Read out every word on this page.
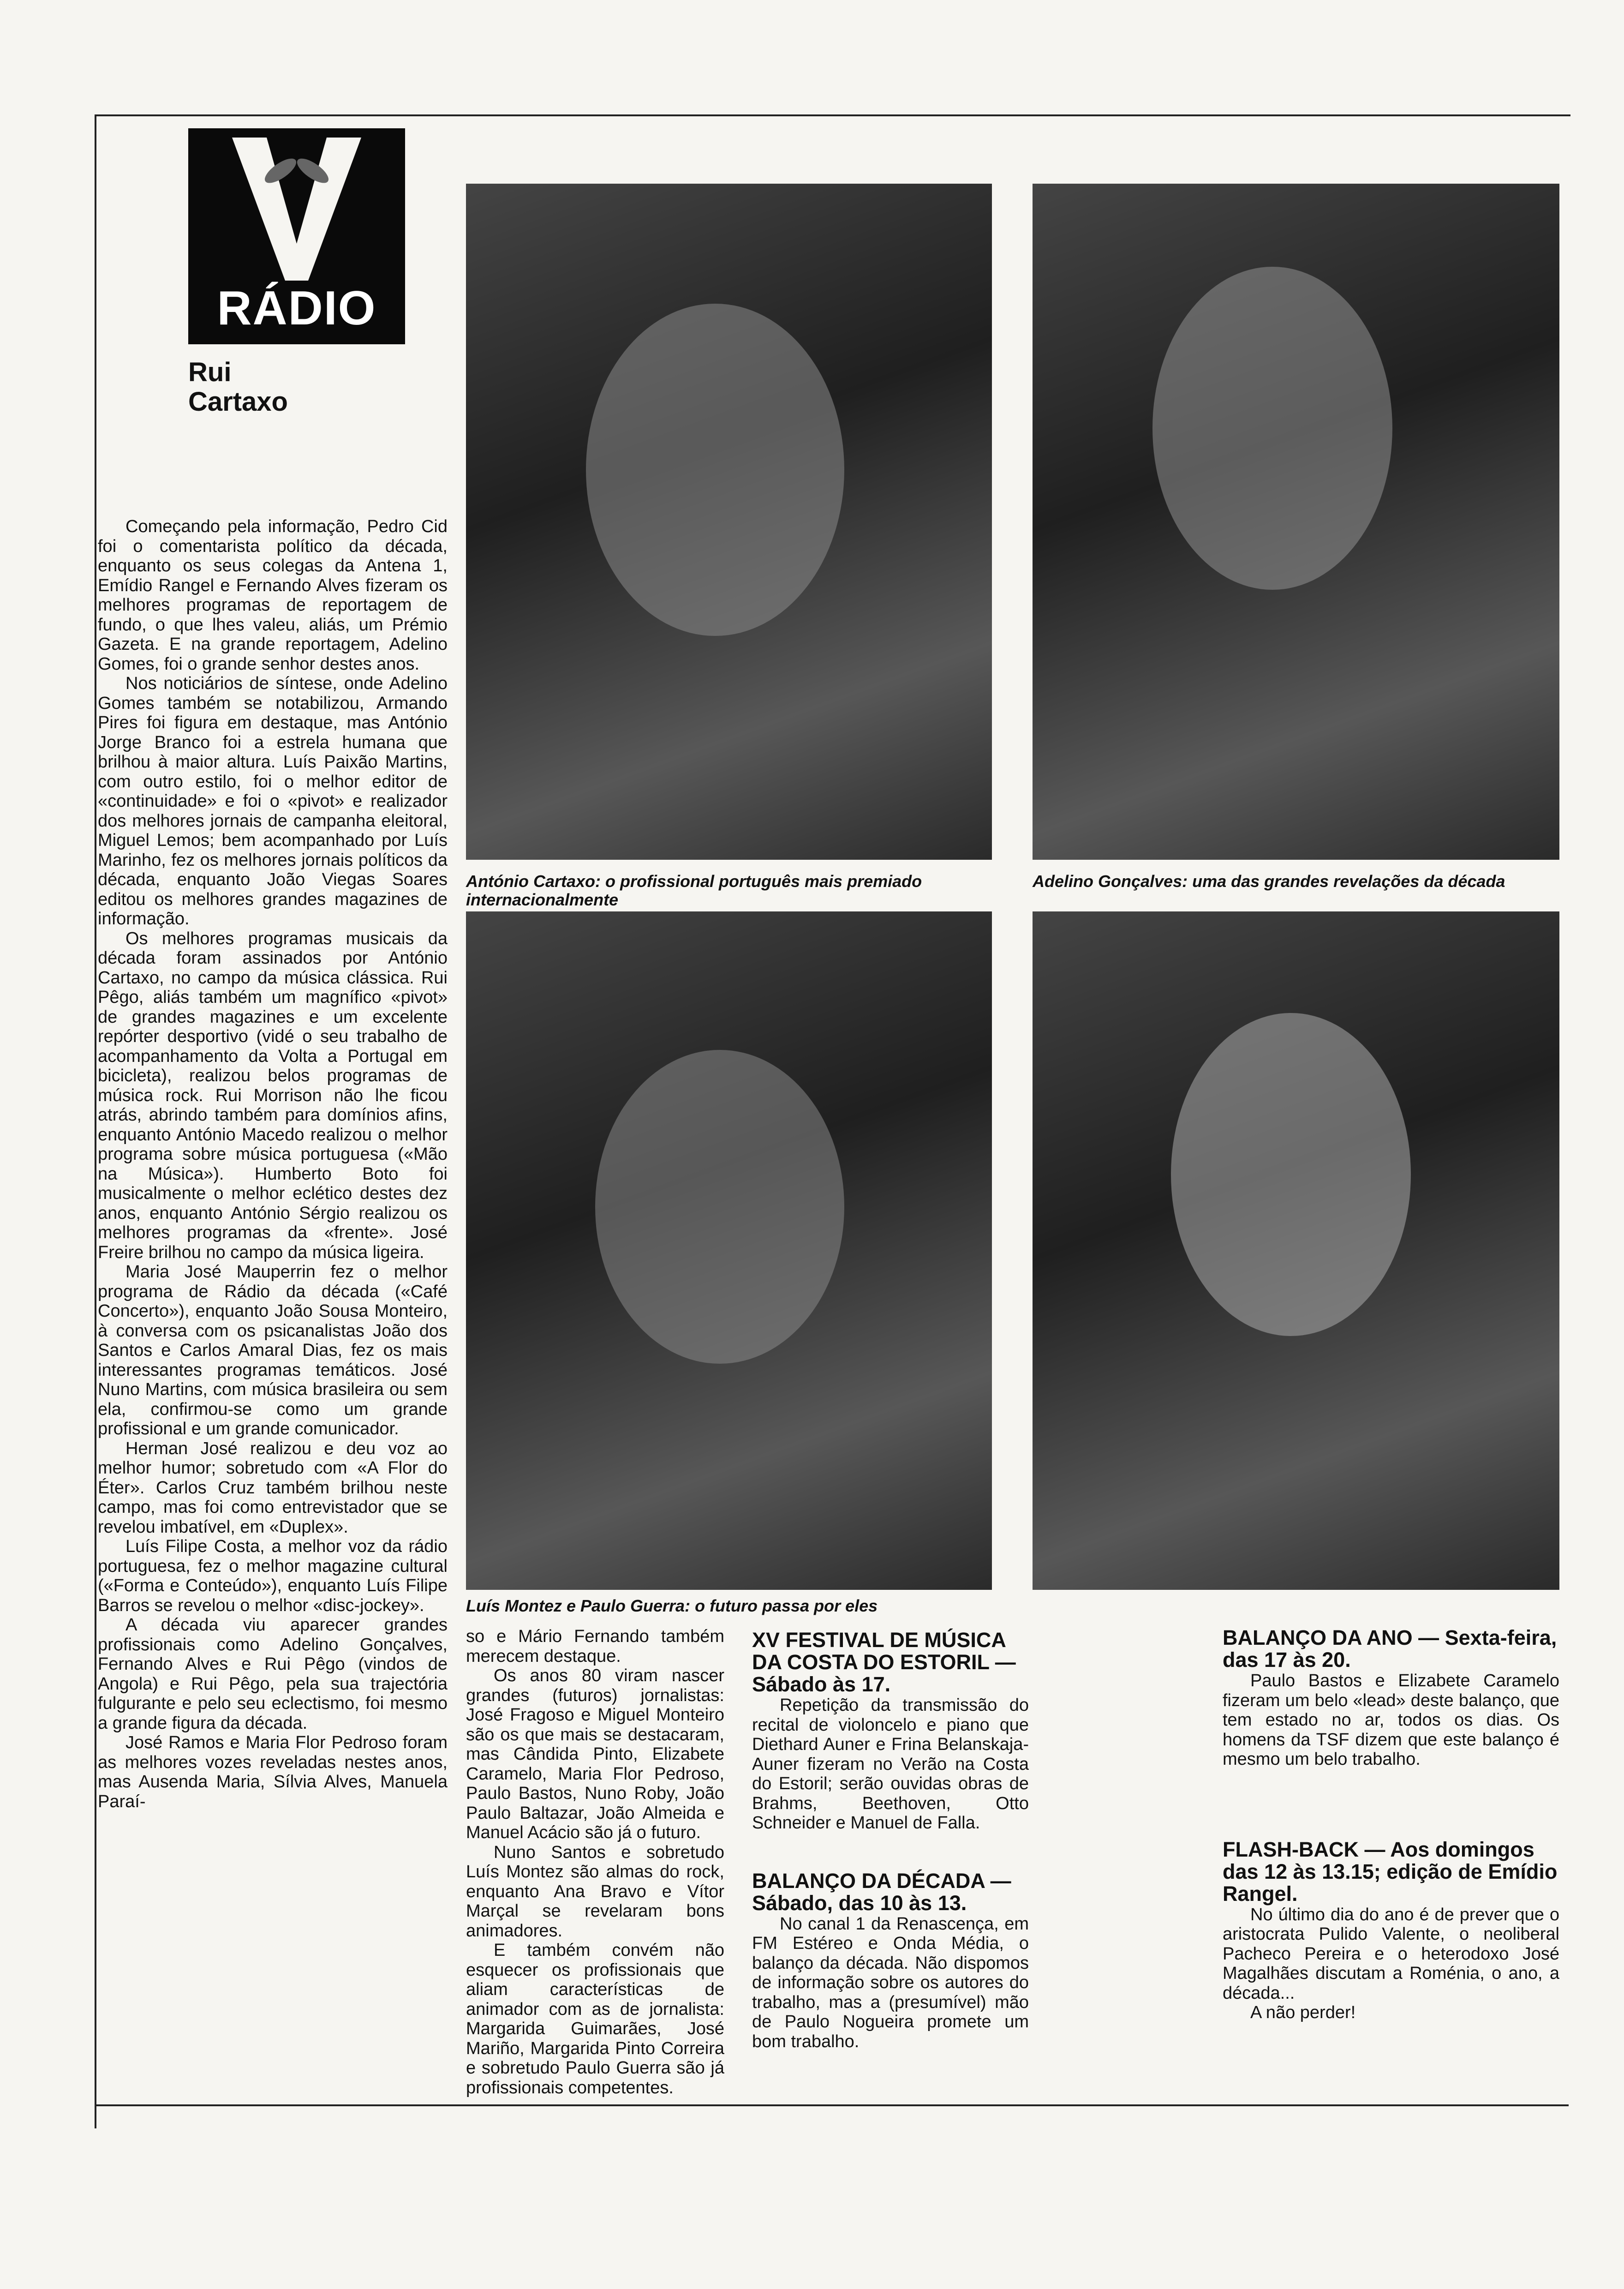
RÁDIO
Rui
Cartaxo
António Cartaxo: o profissional português mais premiado internacionalmente
Adelino Gonçalves: uma das grandes revelações da década
Luís Montez e Paulo Guerra: o futuro passa por eles

Começando pela informação, Pedro Cid foi o comentarista político da década, enquanto os seus colegas da Antena 1, Emídio Rangel e Fernando Alves fizeram os melhores programas de reportagem de fundo, o que lhes valeu, aliás, um Prémio Gazeta. E na grande reportagem, Adelino Gomes, foi o grande senhor destes anos.

Nos noticiários de síntese, onde Adelino Gomes também se notabilizou, Armando Pires foi figura em destaque, mas António Jorge Branco foi a estrela humana que brilhou à maior altura. Luís Paixão Martins, com outro estilo, foi o melhor editor de «continuidade» e foi o «pivot» e realizador dos melhores jornais de campanha eleitoral, Miguel Lemos; bem acompanhado por Luís Marinho, fez os melhores jornais políticos da década, enquanto João Viegas Soares editou os melhores grandes magazines de informação.

Os melhores programas musicais da década foram assinados por António Cartaxo, no campo da música clássica. Rui Pêgo, aliás também um magnífico «pivot» de grandes magazines e um excelente repórter desportivo (vidé o seu trabalho de acompanhamento da Volta a Portugal em bicicleta), realizou belos programas de música rock. Rui Morrison não lhe ficou atrás, abrindo também para domínios afins, enquanto António Macedo realizou o melhor programa sobre música portuguesa («Mão na Música»). Humberto Boto foi musicalmente o melhor eclético destes dez anos, enquanto António Sérgio realizou os melhores programas da «frente». José Freire brilhou no campo da música ligeira.

Maria José Mauperrin fez o melhor programa de Rádio da década («Café Concerto»), enquanto João Sousa Monteiro, à conversa com os psicanalistas João dos Santos e Carlos Amaral Dias, fez os mais interessantes programas temáticos. José Nuno Martins, com música brasileira ou sem ela, confirmou-se como um grande profissional e um grande comunicador.

Herman José realizou e deu voz ao melhor humor; sobretudo com «A Flor do Éter». Carlos Cruz também brilhou neste campo, mas foi como entrevistador que se revelou imbatível, em «Duplex».

Luís Filipe Costa, a melhor voz da rádio portuguesa, fez o melhor magazine cultural («Forma e Conteúdo»), enquanto Luís Filipe Barros se revelou o melhor «disc-jockey».

A década viu aparecer grandes profissionais como Adelino Gonçalves, Fernando Alves e Rui Pêgo (vindos de Angola) e Rui Pêgo, pela sua trajectória fulgurante e pelo seu eclectismo, foi mesmo a grande figura da década.

José Ramos e Maria Flor Pedroso foram as melhores vozes reveladas nestes anos, mas Ausenda Maria, Sílvia Alves, Manuela Paraí-

so e Mário Fernando também merecem destaque.

Os anos 80 viram nascer grandes (futuros) jornalistas: José Fragoso e Miguel Monteiro são os que mais se destacaram, mas Cândida Pinto, Elizabete Caramelo, Maria Flor Pedroso, Paulo Bastos, Nuno Roby, João Paulo Baltazar, João Almeida e Manuel Acácio são já o futuro.

Nuno Santos e sobretudo Luís Montez são almas do rock, enquanto Ana Bravo e Vítor Marçal se revelaram bons animadores.

E também convém não esquecer os profissionais que aliam características de animador com as de jornalista: Margarida Guimarães, José Mariño, Margarida Pinto Correira e sobretudo Paulo Guerra são já profissionais competentes.

XV FESTIVAL DE MÚSICA DA COSTA DO ESTORIL — Sábado às 17.

Repetição da transmissão do recital de violoncelo e piano que Diethard Auner e Frina Belanskaja-Auner fizeram no Verão na Costa do Estoril; serão ouvidas obras de Brahms, Beethoven, Otto Schneider e Manuel de Falla.

BALANÇO DA DÉCADA — Sábado, das 10 às 13.

No canal 1 da Renascença, em FM Estéreo e Onda Média, o balanço da década. Não dispomos de informação sobre os autores do trabalho, mas a (presumível) mão de Paulo Nogueira promete um bom trabalho.

BALANÇO DA ANO — Sexta-feira, das 17 às 20.

Paulo Bastos e Elizabete Caramelo fizeram um belo «lead» deste balanço, que tem estado no ar, todos os dias. Os homens da TSF dizem que este balanço é mesmo um belo trabalho.

FLASH-BACK — Aos domingos das 12 às 13.15; edição de Emídio Rangel.

No último dia do ano é de prever que o aristocrata Pulido Valente, o neoliberal Pacheco Pereira e o heterodoxo José Magalhães discutam a Roménia, o ano, a década...

A não perder!
